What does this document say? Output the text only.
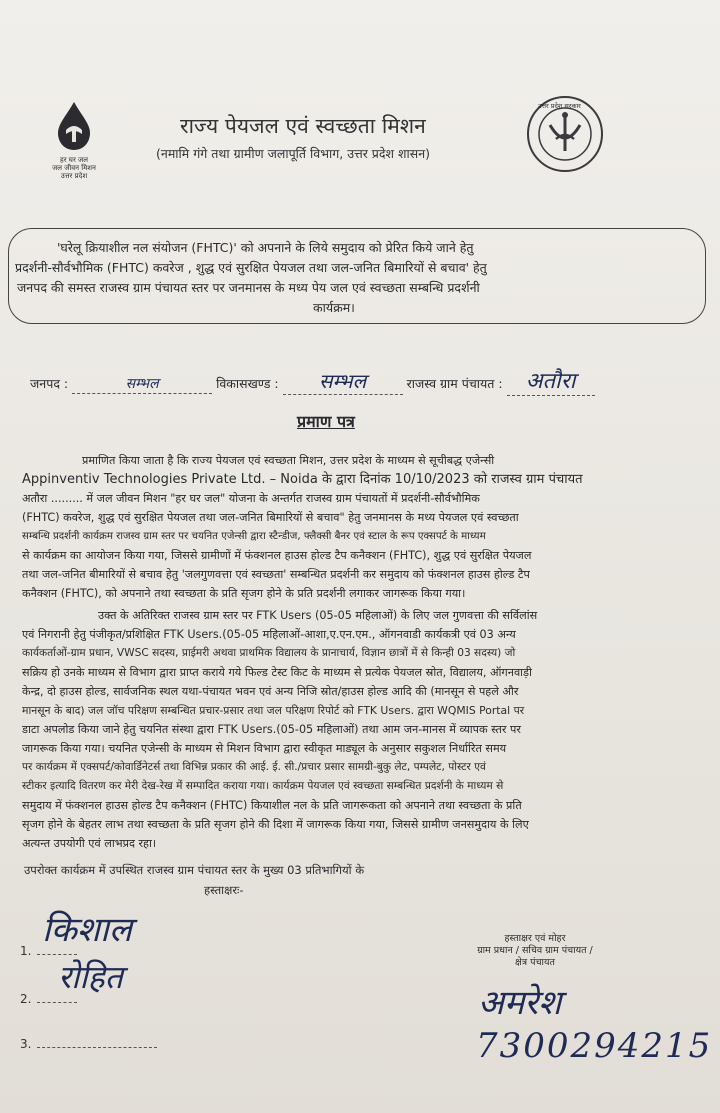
हर घर जल
जल जीवन मिशन
उत्तर प्रदेश
राज्य पेयजल एवं स्वच्छता मिशन
(नमामि गंगे तथा ग्रामीण जलापूर्ति विभाग, उत्तर प्रदेश शासन)
उत्तर प्रदेश सरकार
'घरेलू क्रियाशील नल संयोजन (FHTC)' को अपनाने के लिये समुदाय को प्रेरित किये जाने हेतु
प्रदर्शनी-सौर्वभौमिक (FHTC) कवरेज , शुद्ध एवं सुरक्षित पेयजल तथा जल-जनित बिमारियों से बचाव' हेतु
जनपद की समस्त राजस्व ग्राम पंचायत स्तर पर जनमानस के मध्य पेय जल एवं स्वच्छता सम्बन्धि प्रदर्शनी
कार्यक्रम।
जनपद :	सम्भल	विकासखण्ड : सम्भल	राजस्व ग्राम पंचायत : अतौरा
प्रमाण पत्र
प्रमाणित किया जाता है कि राज्य पेयजल एवं स्वच्छता मिशन, उत्तर प्रदेश के माध्यम से सूचीबद्ध एजेन्सी
Appinventiv Technologies Private Ltd. – Noida के द्वारा दिनांक 10/10/2023 को राजस्व ग्राम पंचायत
अतौरा ......... में जल जीवन मिशन "हर घर जल" योजना के अन्तर्गत राजस्व ग्राम पंचायतों में प्रदर्शनी-सौर्वभौमिक
(FHTC) कवरेज, शुद्ध एवं सुरक्षित पेयजल तथा जल-जनित बिमारियों से बचाव" हेतु जनमानस के मध्य पेयजल एवं स्वच्छता
सम्बन्धि प्रदर्शनी कार्यक्रम राजस्व ग्राम स्तर पर चयनित एजेन्सी द्वारा स्टैन्डीज, फ्लैक्सी बैनर एवं स्टाल के रूप एक्सपर्ट के माध्यम
से कार्यक्रम का आयोजन किया गया, जिससे ग्रामीणों में फंक्शनल हाउस होल्ड टैप कनैक्शन (FHTC), शुद्ध एवं सुरक्षित पेयजल
तथा जल-जनित बीमारियों से बचाव हेतु 'जलगुणवत्ता एवं स्वच्छता' सम्बन्धित प्रदर्शनी कर समुदाय को फंक्शनल हाउस होल्ड टैप
कनैक्शन (FHTC), को अपनाने तथा स्वच्छता के प्रति सृजग होने के प्रति प्रदर्शनी लगाकर जागरूक किया गया।
उक्त के अतिरिक्त राजस्व ग्राम स्तर पर FTK Users (05-05 महिलाओं) के लिए जल गुणवत्ता की सर्विलांस
एवं निगरानी हेतु पंजीकृत/प्रशिक्षित FTK Users.(05-05 महिलाओं-आशा,ए.एन.एम., ऑगनवाडी कार्यकत्री एवं 03 अन्य
कार्यकर्ताओं-ग्राम प्रधान, VWSC सदस्य, प्राईमरी अथवा प्राथमिक विद्यालय के प्रानाचार्य, विज्ञान छात्रों में से किन्ही 03 सदस्य) जो
सक्रिय हो उनके माध्यम से विभाग द्वारा प्राप्त कराये गये फिल्ड टेस्ट किट के माध्यम से प्रत्येक पेयजल स्रोत, विद्यालय, ऑगनवाड़ी
केन्द्र, दो हाउस होल्ड, सार्वजनिक स्थल यथा-पंचायत भवन एवं अन्य निजि स्रोत/हाउस होल्ड आदि की (मानसून से पहले और
मानसून के बाद) जल जॉच परिक्षण सम्बन्धित प्रचार-प्रसार तथा जल परिक्षण रिपोर्ट को FTK Users. द्वारा WQMIS Portal पर
डाटा अपलोड किया जाने हेतु चयनित संस्था द्वारा FTK Users.(05-05 महिलाओं) तथा आम जन-मानस में व्यापक स्तर पर
जागरूक किया गया। चयनित एजेन्सी के माध्यम से मिशन विभाग द्वारा स्वीकृत माड्यूल के अनुसार सकुशल निर्धारित समय
पर कार्यक्रम में एक्सपर्ट/कोवार्डिनेटर्स तथा विभिन्न प्रकार की आई. ई. सी./प्रचार प्रसार सामग्री-बुकु लेट, पम्पलेट, पोस्टर एवं
स्टीकर इत्यादि वितरण कर मेरी देख-रेख में सम्पादित कराया गया। कार्यक्रम पेयजल एवं स्वच्छता सम्बन्धित प्रदर्शनी के माध्यम से
समुदाय में फंक्शनल हाउस होल्ड टैप कनैक्शन (FHTC) कियाशील नल के प्रति जागरूकता को अपनाने तथा स्वच्छता के प्रति
सृजग होने के बेहतर लाभ तथा स्वच्छता के प्रति सृजग होने की दिशा में जागरूक किया गया, जिससे ग्रामीण जनसमुदाय के लिए
अत्यन्त उपयोगी एवं लाभप्रद रहा।
उपरोक्त कार्यक्रम में उपस्थित राजस्व ग्राम पंचायत स्तर के मुख्य 03 प्रतिभागियों के
हस्ताक्षरः-
1.
किशाल
2.
रोहित
3.
हस्ताक्षर एवं मोहर
ग्राम प्रधान / सचिव ग्राम पंचायत /
क्षेत्र पंचायत
अमरेश
7300294215
